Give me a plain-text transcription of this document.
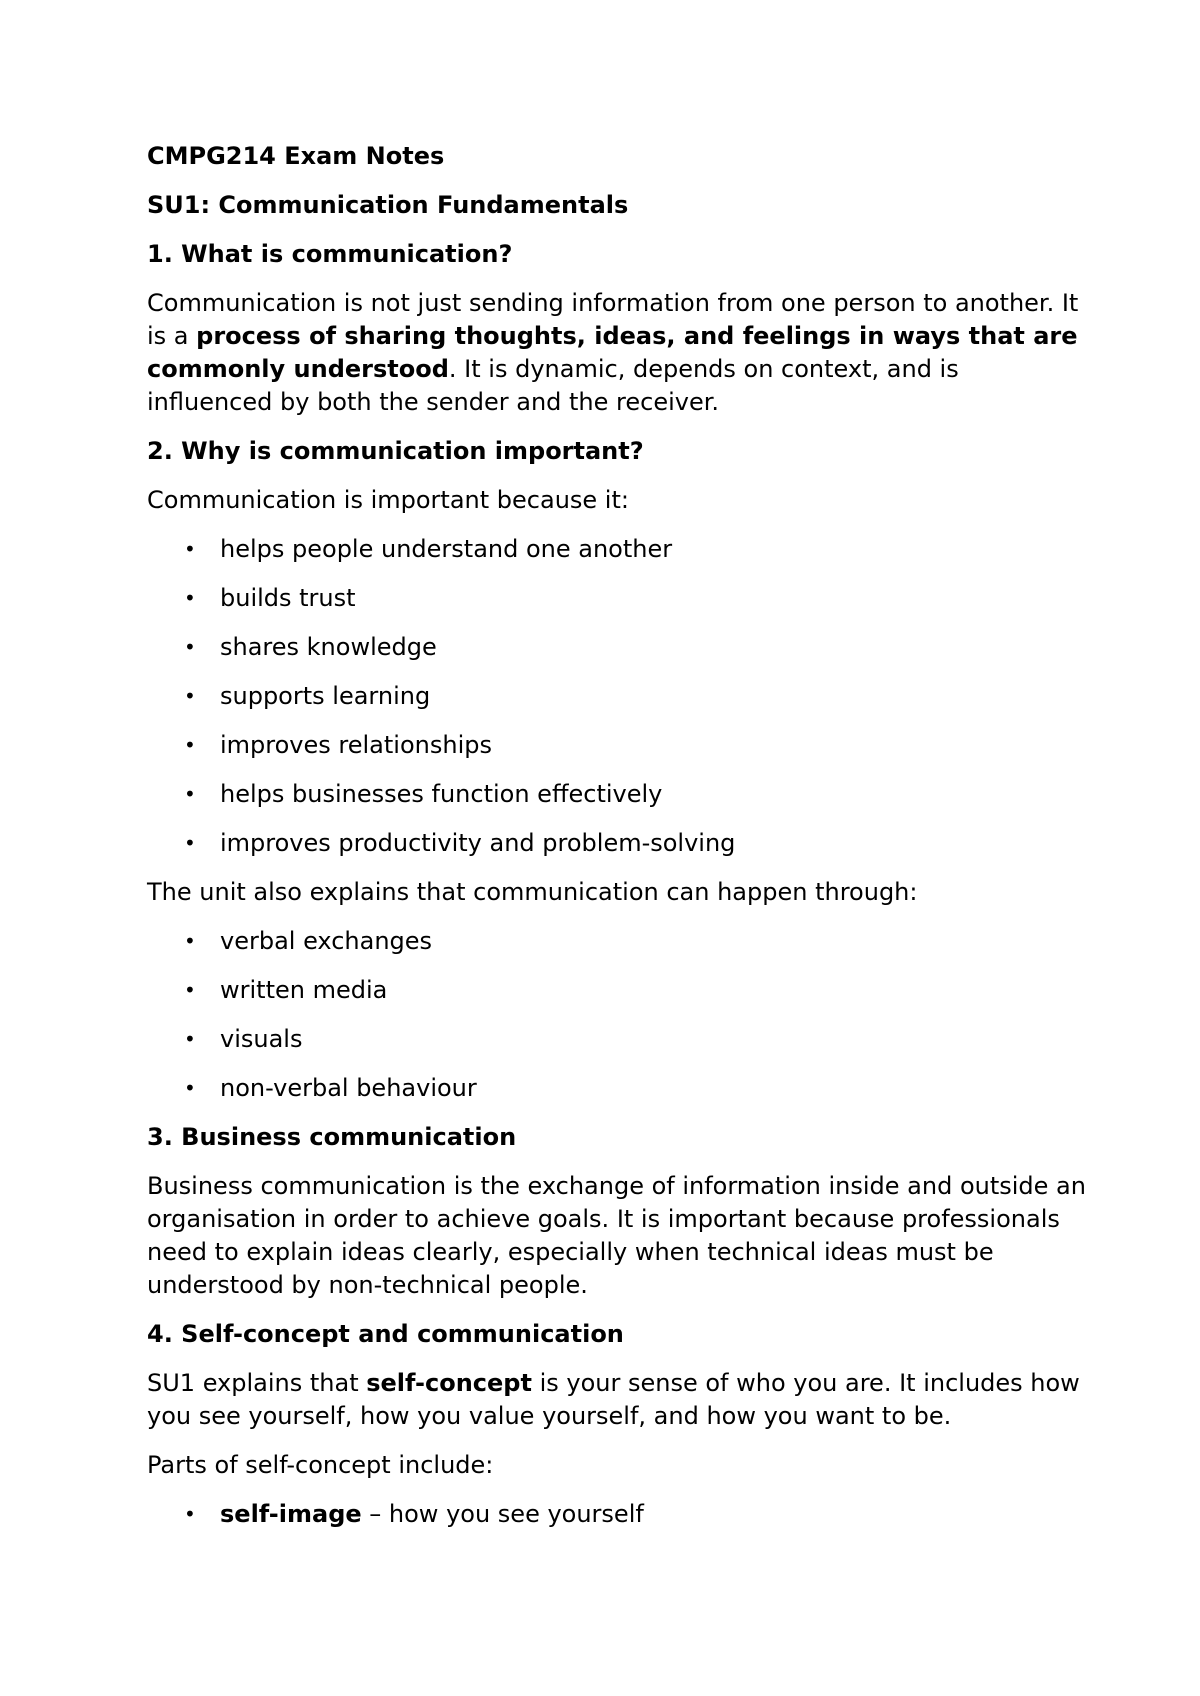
CMPG214 Exam Notes
SU1: Communication Fundamentals
1. What is communication?

Communication is not just sending information from one person to another. It is a process of sharing thoughts, ideas, and feelings in ways that are commonly understood. It is dynamic, depends on context, and is influenced by both the sender and the receiver.

2. Why is communication important?

Communication is important because it:

• helps people understand one another
• builds trust
• shares knowledge
• supports learning
• improves relationships
• helps businesses function effectively
• improves productivity and problem-solving

The unit also explains that communication can happen through:

• verbal exchanges
• written media
• visuals
• non-verbal behaviour
3. Business communication

Business communication is the exchange of information inside and outside an organisation in order to achieve goals. It is important because professionals need to explain ideas clearly, especially when technical ideas must be understood by non-technical people.

4. Self-concept and communication

SU1 explains that self-concept is your sense of who you are. It includes how you see yourself, how you value yourself, and how you want to be.

Parts of self-concept include:

• self-image – how you see yourself
